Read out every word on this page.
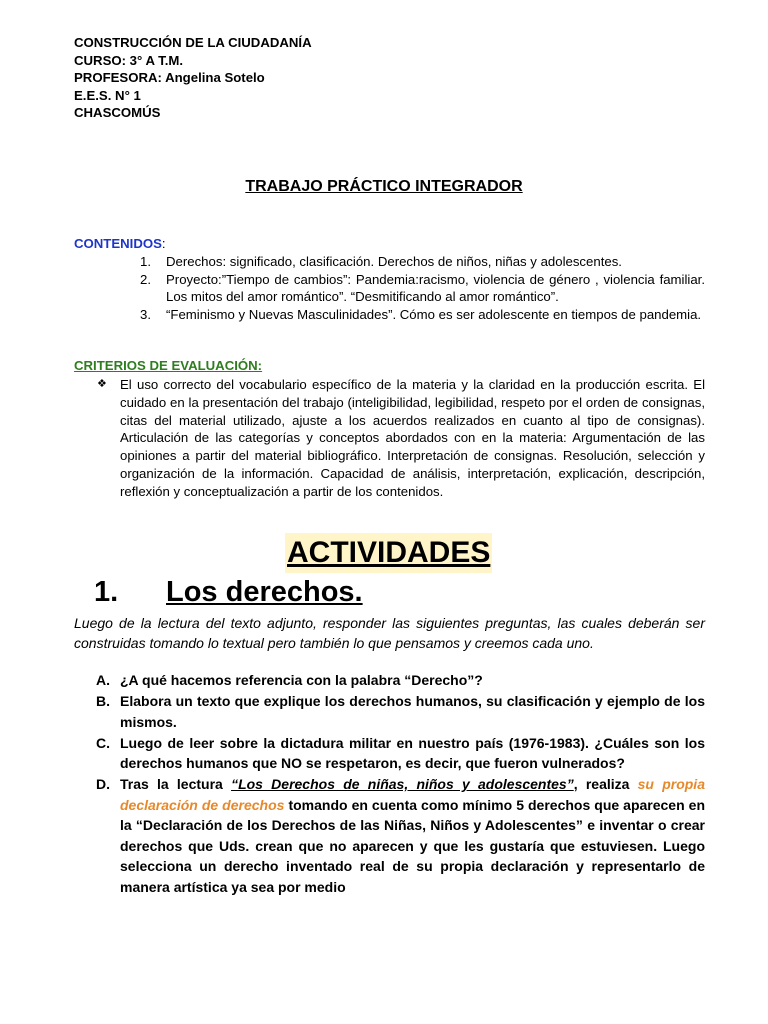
CONSTRUCCIÓN DE LA CIUDADANÍA
CURSO: 3° A T.M.
PROFESORA: Angelina Sotelo
E.E.S. N° 1
CHASCOMÚS
TRABAJO PRÁCTICO INTEGRADOR
CONTENIDOS:
1.	Derechos: significado, clasificación. Derechos de niños, niñas y adolescentes.
2.	Proyecto:”Tiempo de cambios”: Pandemia:racismo, violencia de género , violencia familiar. Los mitos del amor romántico”. “Desmitificando al amor romántico”.
3.	“Feminismo y Nuevas Masculinidades”. Cómo es ser adolescente en tiempos de pandemia.
CRITERIOS DE EVALUACIÓN:
❖ El uso correcto del vocabulario específico de la materia y la claridad en la producción escrita. El cuidado en la presentación del trabajo (inteligibilidad, legibilidad, respeto por el orden de consignas, citas del material utilizado, ajuste a los acuerdos realizados en cuanto al tipo de consignas). Articulación de las categorías y conceptos abordados con en la materia: Argumentación de las opiniones a partir del material bibliográfico. Interpretación de consignas. Resolución, selección y organización de la información. Capacidad de análisis, interpretación, explicación, descripción, reflexión y conceptualización a partir de los contenidos.
ACTIVIDADES
1. Los derechos.
Luego de la lectura del texto adjunto, responder las siguientes preguntas, las cuales deberán ser construidas tomando lo textual pero también lo que pensamos y creemos cada uno.
A. ¿A qué hacemos referencia con la palabra “Derecho”?
B. Elabora un texto que explique los derechos humanos, su clasificación y ejemplo de los mismos.
C. Luego de leer sobre la dictadura militar en nuestro país (1976-1983). ¿Cuáles son los derechos humanos que NO se respetaron, es decir, que fueron vulnerados?
D. Tras la lectura “Los Derechos de niñas, niños y adolescentes”, realiza su propia declaración de derechos tomando en cuenta como mínimo 5 derechos que aparecen en la “Declaración de los Derechos de las Niñas, Niños y Adolescentes” e inventar o crear derechos que Uds. crean que no aparecen y que les gustaría que estuviesen. Luego selecciona un derecho inventado real de su propia declaración y representarlo de manera artística ya sea por medio
